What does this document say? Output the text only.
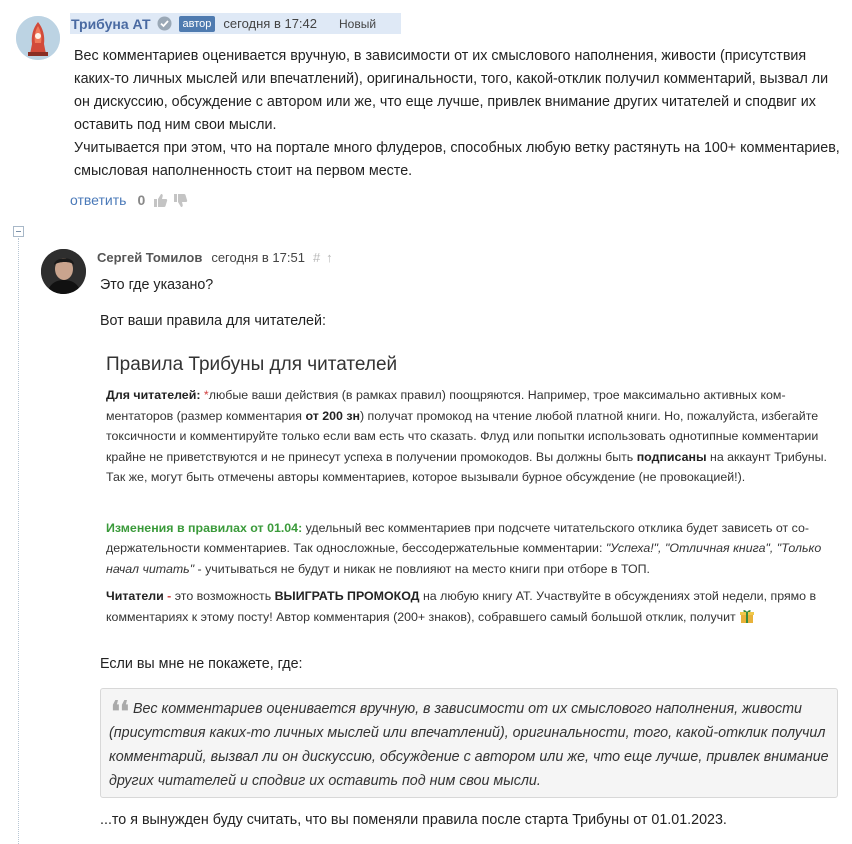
Трибуна АТ	автор сегодня в 17:42 Новый

Вес комментариев оценивается вручную, в зависимости от их смыслового наполнения, живости (присутствия каких-то личных мыслей или впечатлений), оригинальности, того, какой-отклик получил комментарий, вызвал ли он дискуссию, обсуждение с автором или же, что еще лучше, привлек внимание других читателей и сподвиг их оставить под ним свои мысли.

Учитывается при этом, что на портале много флудеров, способных любую ветку растянуть на 100+ комментариев, смысловая наполненность стоит на первом месте.

ответить 0
Сергей Томилов сегодня в 17:51 # ↑
Это где указано?
Вот ваши правила для читателей:
Правила Трибуны для читателей

Для читателей: *любые ваши действия (в рамках правил) поощряются. Например, трое максимально активных комментаторов (размер комментария от 200 зн) получат промокод на чтение любой платной книги. Но, пожалуйста, избегайте токсичности и комментируйте только если вам есть что сказать. Флуд или попытки использовать однотипные комментарии крайне не приветствуются и не принесут успеха в получении промокодов. Вы должны быть подписаны на аккаунт Трибуны. Так же, могут быть отмечены авторы комментариев, которое вызывали бурное обсуждение (не провокацией!).

Изменения в правилах от 01.04: удельный вес комментариев при подсчете читательского отклика будет зависеть от содержательности комментариев. Так односложные, бессодержательные комментарии: "Успеха!", "Отличная книга", "Только начал читать" - учитываться не будут и никак не повлияют на место книги при отборе в ТОП.

Читатели - это возможность ВЫИГРАТЬ ПРОМОКОД на любую книгу АТ. Участвуйте в обсуждениях этой недели, прямо в комментариях к этому посту! Автор комментария (200+ знаков), собравшего самый большой отклик, получит

Если вы мне не покажете, где:
❛❛ Вес комментариев оценивается вручную, в зависимости от их смыслового наполнения, живости (присутствия каких-то личных мыслей или впечатлений), оригинальности, того, какой-отклик получил комментарий, вызвал ли он дискуссию, обсуждение с автором или же, что еще лучше, привлек внимание других читателей и сподвиг их оставить под ним свои мысли.
...то я вынужден буду считать, что вы поменяли правила после старта Трибуны от 01.01.2023.
